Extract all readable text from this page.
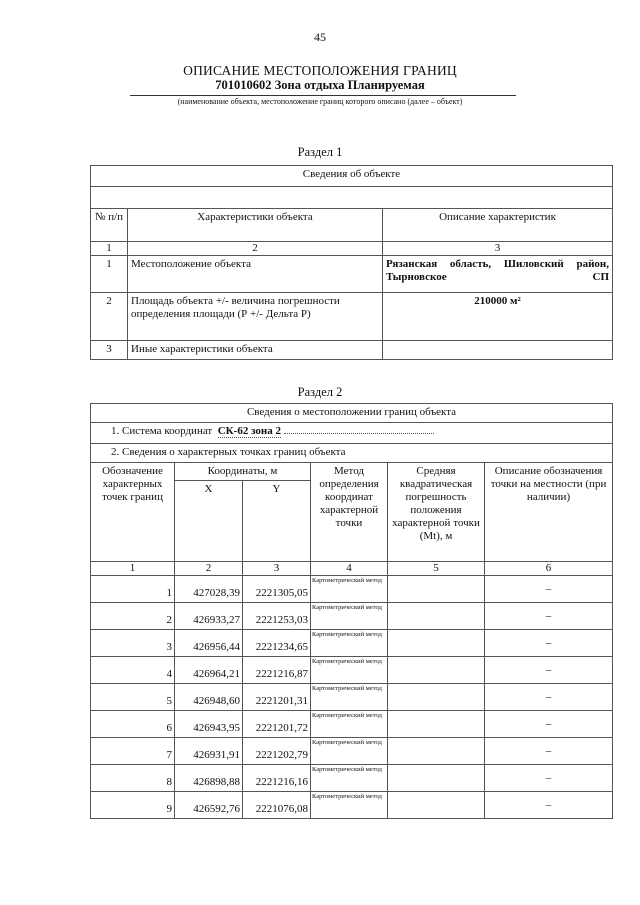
45
ОПИСАНИЕ МЕСТОПОЛОЖЕНИЯ ГРАНИЦ
701010602 Зона отдыха Планируемая
(наименование объекта, местоположение границ которого описано (далее – объект)
Раздел 1
Сведения об объекте		

№ п/п	Характеристики объекта	Описание характеристик
1	2	3
1	Местоположение объекта	Рязанская область, Шиловский район, Тырновское СП
2	Площадь объекта +/- величина погрешности определения площади (Р +/- Дельта Р)	210000 м²
3	Иные характеристики объекта	
Раздел 2
Сведения о местоположении границ объекта					
1. Система координат СК-62 зона 2					
2. Сведения о характерных точках границ объекта					
Обозначение характерных точек границ	Координаты, м		Метод определения координат характерной точки	Средняя квадратическая погрешность положения характерной точки (Мt), м	Описание обозначения точки на местности (при наличии)
	X	Y			
1	2	3	4	5	6
1	427028,39	2221305,05	Картометрический метод		–
2	426933,27	2221253,03	Картометрический метод		–
3	426956,44	2221234,65	Картометрический метод		–
4	426964,21	2221216,87	Картометрический метод		–
5	426948,60	2221201,31	Картометрический метод		–
6	426943,95	2221201,72	Картометрический метод		–
7	426931,91	2221202,79	Картометрический метод		–
8	426898,88	2221216,16	Картометрический метод		–
9	426592,76	2221076,08	Картометрический метод		–
